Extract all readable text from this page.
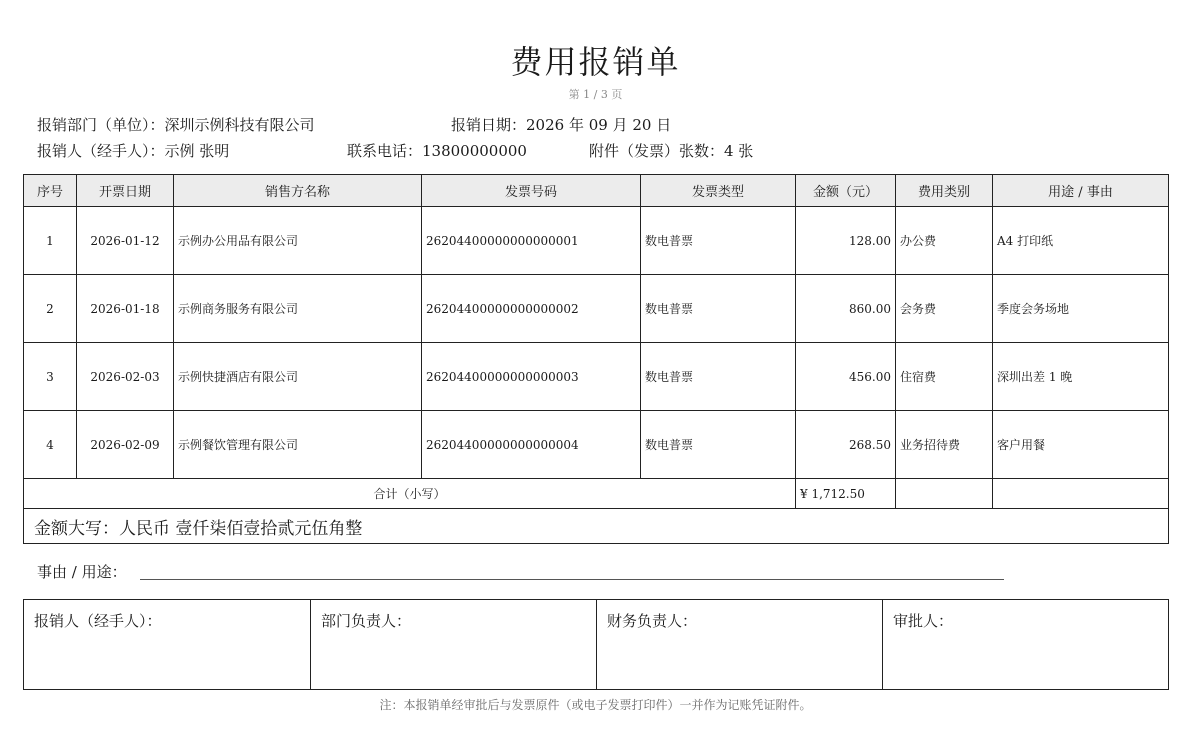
费用报销单
第 1 / 3 页
报销部门（单位）：深圳示例科技有限公司	报销日期：2026 年 09 月 20 日
报销人（经手人）：示例 张明	联系电话：13800000000	附件（发票）张数：4 张
序号	开票日期	销售方名称	发票号码	发票类型	金额（元）	费用类别	用途 / 事由
1	2026-01-12	示例办公用品有限公司	26204400000000000001	数电普票	128.00	办公费	A4 打印纸
2	2026-01-18	示例商务服务有限公司	26204400000000000002	数电普票	860.00	会务费	季度会务场地
3	2026-02-03	示例快捷酒店有限公司	26204400000000000003	数电普票	456.00	住宿费	深圳出差 1 晚
4	2026-02-09	示例餐饮管理有限公司	26204400000000000004	数电普票	268.50	业务招待费	客户用餐
合计（小写）					¥ 1,712.50		
金额大写：人民币 壹仟柒佰壹拾贰元伍角整							
事由 / 用途：
报销人（经手人）：	部门负责人：	财务负责人：	审批人：
注：本报销单经审批后与发票原件（或电子发票打印件）一并作为记账凭证附件。
